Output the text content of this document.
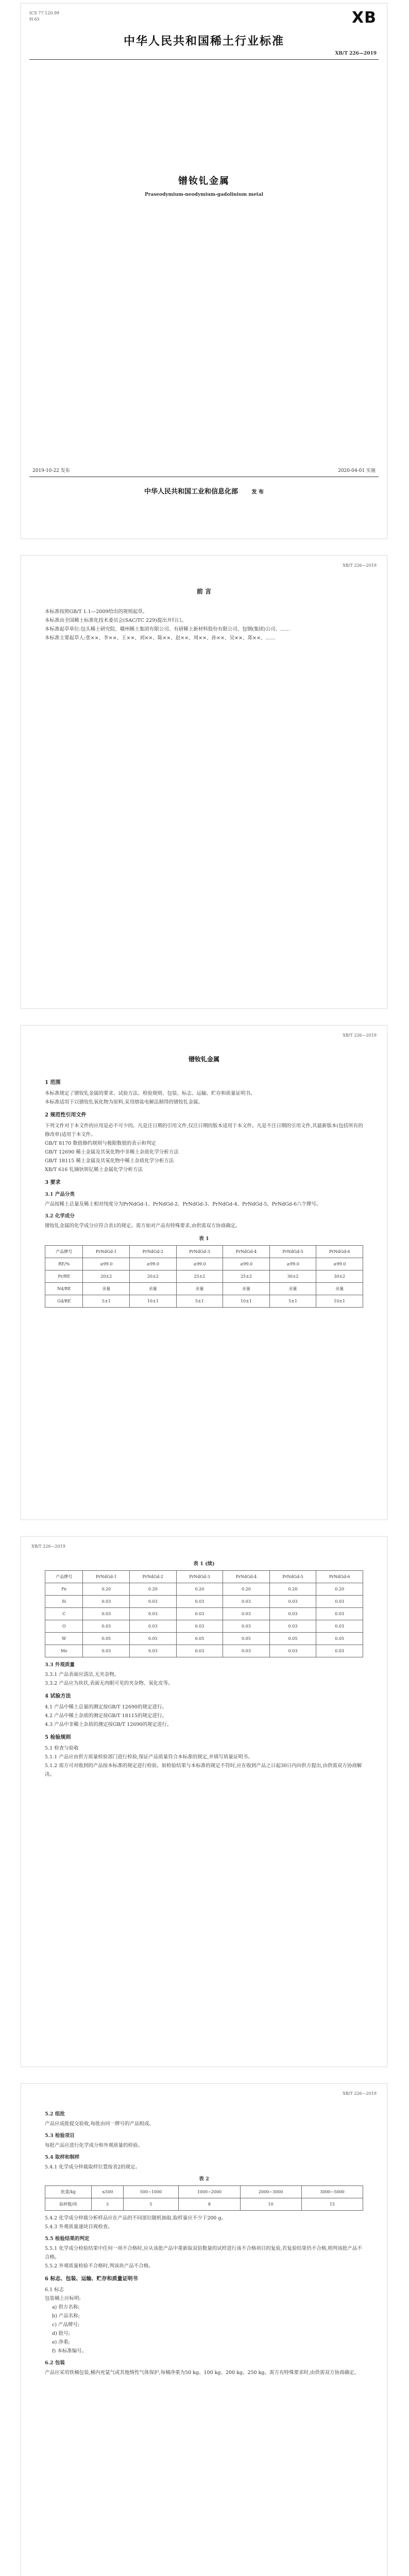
ICS 77.120.99
H 65	XB
中华人民共和国稀土行业标准
XB/T 226—2019
镨钕钆金属
Praseodymium-neodymium-gadolinium metal
2019-10-22 发布	2020-04-01 实施
中华人民共和国工业和信息化部	发 布
XB/T 226—2019
前 言

本标准按照GB/T 1.1—2009给出的规则起草。

本标准由全国稀土标准化技术委员会(SAC/TC 229)提出并归口。

本标准起草单位:包头稀土研究院、赣州稀土集团有限公司、有研稀土新材料股份有限公司、包钢(集团)公司、……

本标准主要起草人:张××、李××、王××、刘××、陈××、赵××、周××、孙××、吴××、郑××、……

XB/T 226—2019
镨钕钆金属
1 范围

本标准规定了镨钕钆金属的要求、试验方法、检验规则、包装、标志、运输、贮存和质量证明书。

本标准适用于以镨钕钆氧化物为原料,采用熔盐电解法制得的镨钕钆金属。

2 规范性引用文件

下列文件对于本文件的应用是必不可少的。凡是注日期的引用文件,仅注日期的版本适用于本文件。凡是不注日期的引用文件,其最新版本(包括所有的修改单)适用于本文件。

GB/T 8170 数值修约规则与极限数值的表示和判定

GB/T 12690 稀土金属及其氧化物中非稀土杂质化学分析方法

GB/T 18115 稀土金属及其氧化物中稀土杂质化学分析方法

XB/T 616 钆镝钬铒钇稀土金属化学分析方法

3 要求
3.1 产品分类

产品按稀土总量及稀土相对纯度分为PrNdGd-1、PrNdGd-2、PrNdGd-3、PrNdGd-4、PrNdGd-5、PrNdGd-6六个牌号。

3.2 化学成分

镨钕钆金属的化学成分应符合表1的规定。需方如对产品有特殊要求,由供需双方协商确定。

表 1
产品牌号	PrNdGd-1	PrNdGd-2	PrNdGd-3	PrNdGd-4	PrNdGd-5	PrNdGd-6
RE/%	≥99.0	≥99.0	≥99.0	≥99.0	≥99.0	≥99.0
Pr/RE	20±2	20±2	25±2	25±2	30±2	30±2
Nd/RE	余量	余量	余量	余量	余量	余量
Gd/RE	5±1	10±1	5±1	10±1	5±1	10±1
XB/T 226—2019
表 1 (续)
产品牌号	PrNdGd-1	PrNdGd-2	PrNdGd-3	PrNdGd-4	PrNdGd-5	PrNdGd-6
Fe	0.20	0.20	0.20	0.20	0.20	0.20
Si	0.03	0.03	0.03	0.03	0.03	0.03
C	0.03	0.03	0.03	0.03	0.03	0.03
O	0.03	0.03	0.03	0.03	0.03	0.03
W	0.05	0.05	0.05	0.05	0.05	0.05
Mo	0.03	0.03	0.03	0.03	0.03	0.03
3.3 外观质量

3.3.1 产品表面应清洁,无夹杂物。

3.3.2 产品应为块状,表面无肉眼可见的夹杂物、氧化皮等。

4 试验方法

4.1 产品中稀土总量的测定按GB/T 12690的规定进行。

4.2 产品中稀土杂质的测定按GB/T 18115的规定进行。

4.3 产品中非稀土杂质的测定按GB/T 12690的规定进行。

5 检验规则

5.1 检查与验收

5.1.1 产品应由供方质量检验部门进行检验,保证产品质量符合本标准的规定,并填写质量证明书。

5.1.2 需方可对收到的产品按本标准的规定进行检验。如检验结果与本标准的规定不符时,应在收到产品之日起30日内向供方提出,由供需双方协商解决。

XB/T 226—2019
5.2 组批

产品应成批提交验收,每批由同一牌号的产品组成。

5.3 检验项目

每批产品应进行化学成分和外观质量的检验。

5.4 取样和制样

5.4.1 化学成分仲裁取样位置按表2的规定。

表 2
批重/kg	≤500	500~1000	1000~2000	2000~3000	3000~5000
取样数/块	3	5	8	10	15

5.4.2 化学成分仲裁分析样品应在产品的不同部位随机抽取,取样量应不少于200 g。

5.4.3 外观质量逐块目视检查。

5.5 检验结果的判定

5.5.1 化学成分检验结果中任何一项不合格时,应从该批产品中重新取双倍数量的试样进行该不合格项目的复验,若复验结果仍不合格,则判该批产品不合格。

5.5.2 外观质量检验不合格时,判该块产品不合格。

6 标志、包装、运输、贮存和质量证明书

6.1 标志

包装桶上应标明:

a) 供方名称;

b) 产品名称;

c) 产品牌号;

d) 批号;

e) 净重;

f) 本标准编号。

6.2 包装

产品应采用铁桶包装,桶内充氩气或其他惰性气体保护,每桶净重为50 kg、100 kg、200 kg、250 kg。需方有特殊要求时,由供需双方协商确定。
